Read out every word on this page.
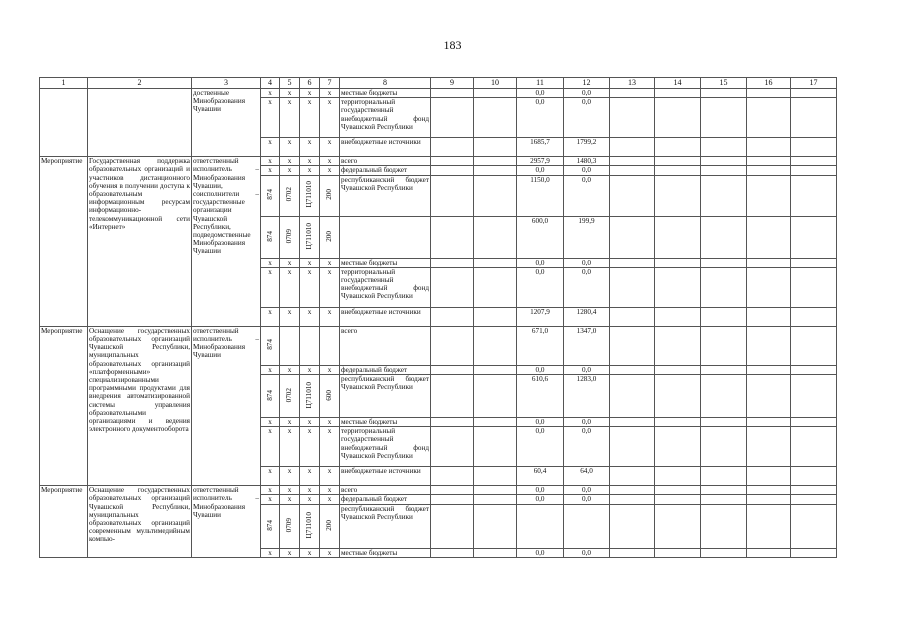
183
1	2	3	4	5	6	7	8	9	10	11	12	13	14	15	16	17
		доственные Минобразования Чувашии	x	x	x	x	местные бюджеты			0,0	0,0					
			x	x	x	x	территориальный государственный внебюджетный фонд Чувашской Республики			0,0	0,0					
			x	x	x	x	внебюджетные источники			1685,7	1799,2					
Мероприятие	Государственная поддержка образовательных организаций и участников дистанционного обучения в получении доступа к образовательным информационным ресурсам информационно-телекоммуникационной сети «Интернет»	ответственный исполнитель – Минобразования Чувашии, соисполнители – государственные организации Чувашской Республики, подведомственные Минобразования Чувашии	x	x	x	x	всего			2957,9	1480,3					
			x	x	x	x	федеральный бюджет			0,0	0,0					
			874	0702	Ц711010	200	республиканский бюджет Чувашской Республики			1150,0	0,0					
			874	0709	Ц711010	200				600,0	199,9					
			x	x	x	x	местные бюджеты			0,0	0,0					
			x	x	x	x	территориальный государственный внебюджетный фонд Чувашской Республики			0,0	0,0					
			x	x	x	x	внебюджетные источники			1207,9	1280,4					
Мероприятие	Оснащение государственных образовательных организаций Чувашской Республики, муниципальных образовательных организаций «платформенными» специализированными программными продуктами для внедрения автоматизированной системы управления образовательными организациями и ведения электронного документооборота	ответственный исполнитель – Минобразования Чувашии	874				всего			671,0	1347,0					
			x	x	x	x	федеральный бюджет			0,0	0,0					
			874	0702	Ц711010	600	республиканский бюджет Чувашской Республики			610,6	1283,0					
			x	x	x	x	местные бюджеты			0,0	0,0					
			x	x	x	x	территориальный государственный внебюджетный фонд Чувашской Республики			0,0	0,0					
			x	x	x	x	внебюджетные источники			60,4	64,0					
Мероприятие	Оснащение государственных образовательных организаций Чувашской Республики, муниципальных образовательных организаций современным мультимедийным компью-	ответственный исполнитель – Минобразования Чувашии	x	x	x	x	всего			0,0	0,0					
			x	x	x	x	федеральный бюджет			0,0	0,0					
			874	0709	Ц711010	200	республиканский бюджет Чувашской Республики									
			x	x	x	x	местные бюджеты			0,0	0,0					
